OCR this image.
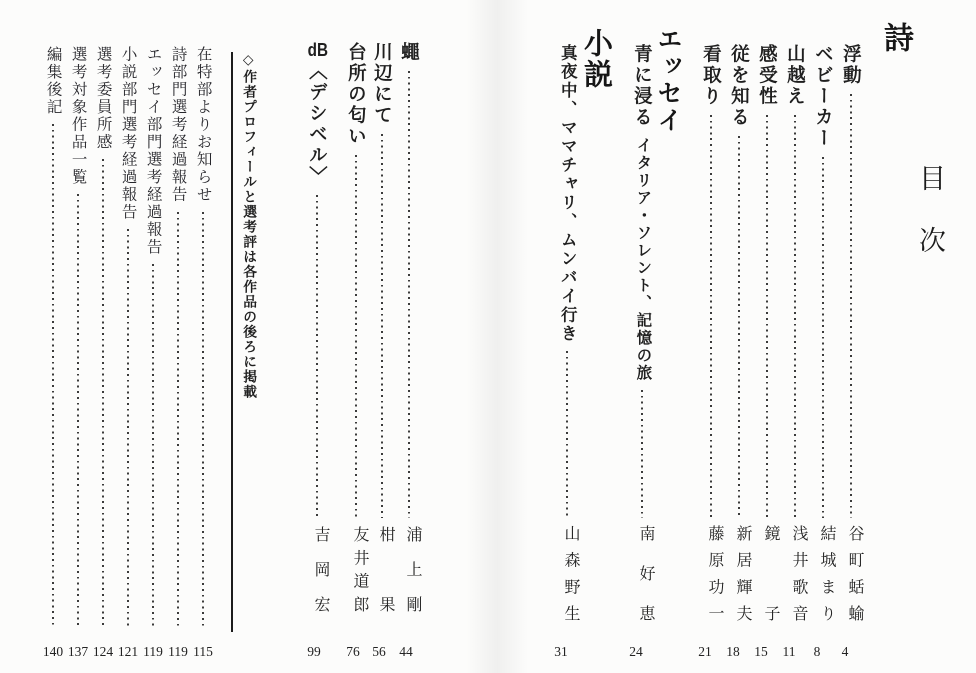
目　次
詩
浮動
谷町蛞蝓
4
ベビーカー
結城まり
8
山越え
浅井歌音
11
感受性
鏡子
15
従を知る
新居輝夫
18
看取り
藤原功一
21
エッセイ
青に浸るイタリア・ソレント、記憶の旅
南好恵
24
小説
真夜中、ママチャリ、ムンバイ行き
山森野生
31
蠅
浦上剛
44
川辺にて
柑果
56
台所の匂い
友井道郎
76
dB〈デシベル〉
吉岡宏
99
◇作者プロフィールと選考評は各作品の後ろに掲載
在特部よりお知らせ
115
詩部門選考経過報告
119
エッセイ部門選考経過報告
119
小説部門選考経過報告
121
選考委員所感
124
選考対象作品一覧
137
編集後記
140
